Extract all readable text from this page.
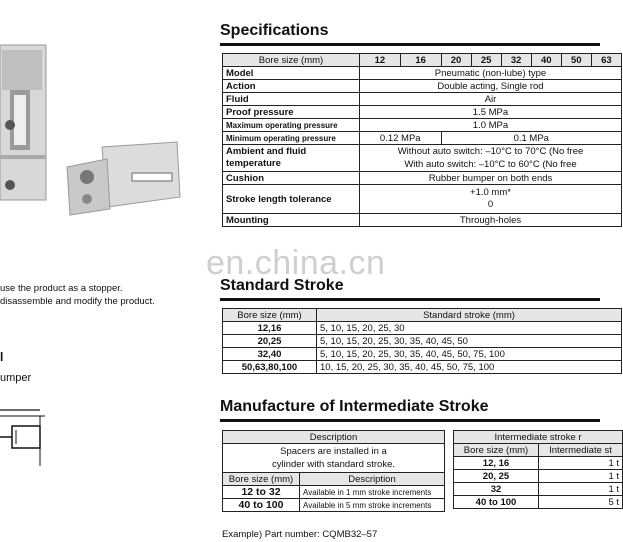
use the product as a stopper.
disassemble and modify the product.
l
umper
Specifications
Bore size (mm)	12	16	20	25	32	40	50	63
Model	Pneumatic (non-lube) type							
Action	Double acting, Single rod							
Fluid	Air							
Proof pressure	1.5 MPa							
Maximum operating pressure	1.0 MPa							
Minimum operating pressure	0.12 MPa		0.1 MPa					
Ambient and fluid
temperature	Without auto switch: –10°C to 70°C (No free
With auto switch: –10°C to 60°C (No free							
Cushion	Rubber bumper on both ends							
Stroke length tolerance	+1.0 mm*
0							
Mounting	Through-holes							
en.china.cn
Standard Stroke
Bore size (mm)	Standard stroke (mm)
12,16	5, 10, 15, 20, 25, 30
20,25	5, 10, 15, 20, 25, 30, 35, 40, 45, 50
32,40	5, 10, 15, 20, 25, 30, 35, 40, 45, 50, 75, 100
50,63,80,100	10, 15, 20, 25, 30, 35, 40, 45, 50, 75, 100
Manufacture of Intermediate Stroke
Description	
Spacers are installed in a
cylinder with standard stroke.	
Bore size (mm)	Description
12 to 32	Available in 1 mm stroke increments
40 to 100	Available in 5 mm stroke increments
Intermediate stroke r	
Bore size (mm)	Intermediate st
12, 16	1 t
20, 25	1 t
32	1 t
40 to 100	5 t
Example) Part number: CQMB32–57
